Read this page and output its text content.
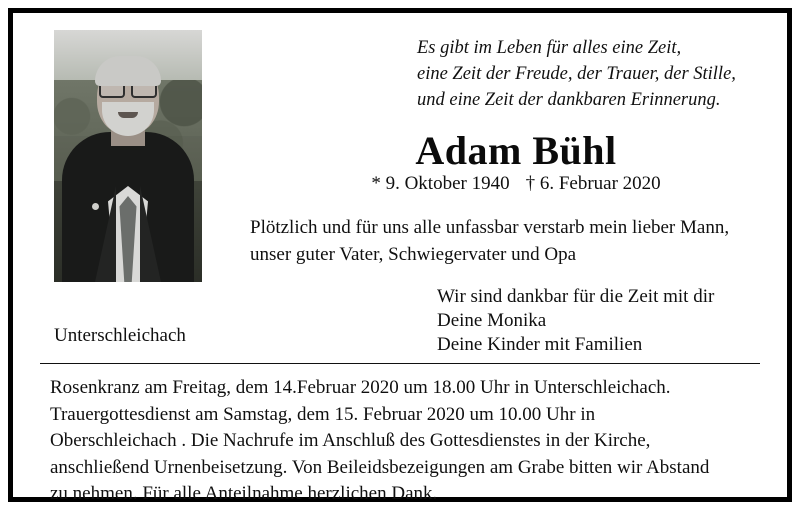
Es gibt im Leben für alles eine Zeit,
eine Zeit der Freude, der Trauer, der Stille,
und eine Zeit der dankbaren Erinnerung.
Adam Bühl
* 9. Oktober 1940 † 6. Februar 2020
Plötzlich und für uns alle unfassbar verstarb mein lieber Mann,
unser guter Vater, Schwiegervater und Opa
Wir sind dankbar für die Zeit mit dir
Deine Monika
Deine Kinder mit Familien
Unterschleichach
Rosenkranz am Freitag, dem 14.Februar 2020 um 18.00 Uhr in Unterschleichach.
Trauergottesdienst am Samstag, dem 15. Februar 2020 um 10.00 Uhr in
Oberschleichach . Die Nachrufe im Anschluß des Gottesdienstes in der Kirche,
anschließend Urnenbeisetzung. Von Beileidsbezeigungen am Grabe bitten wir Abstand
zu nehmen. Für alle Anteilnahme herzlichen Dank.
